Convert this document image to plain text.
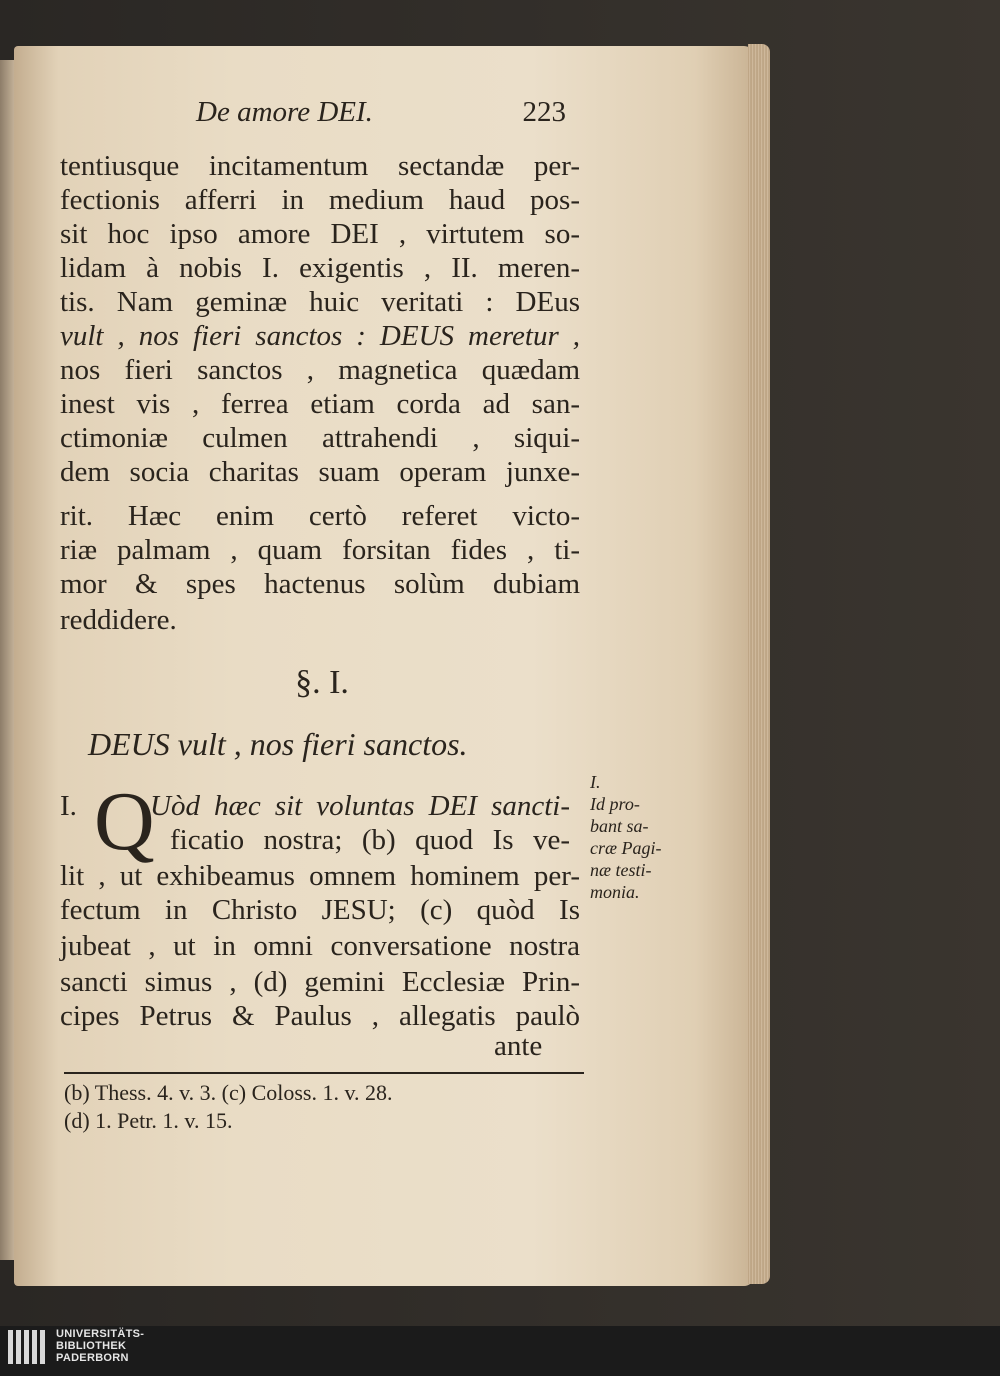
De amore DEI.	223
tentiusque incitamentum sectandæ per-
fectionis afferri in medium haud pos-
sit hoc ipso amore DEI , virtutem so-
lidam à nobis I. exigentis , II. meren-
tis. Nam geminæ huic veritati : DEus
vult , nos fieri sanctos : DEUS meretur ,
nos fieri sanctos , magnetica quædam
inest vis , ferrea etiam corda ad san-
ctimoniæ culmen attrahendi , siqui-
dem socia charitas suam operam junxe-
rit. Hæc enim certò referet victo-
riæ palmam , quam forsitan fides , ti-
mor & spes hactenus solùm dubiam
reddidere.
§. I.
DEUS vult , nos fieri sanctos.
I. Q
Uòd hæc sit voluntas DEI sancti-
ficatio nostra; (b) quod Is ve-
lit , ut exhibeamus omnem hominem per-
fectum in Christo JESU; (c) quòd Is
jubeat , ut in omni conversatione nostra
sancti simus , (d) gemini Ecclesiæ Prin-
cipes Petrus & Paulus , allegatis paulò
ante
I.
Id pro-
bant sa-
cræ Pagi-
næ testi-
monia.
(b) Thess. 4. v. 3. (c) Coloss. 1. v. 28.
(d) 1. Petr. 1. v. 15.
UNIVERSITÄTS-
BIBLIOTHEK
PADERBORN
